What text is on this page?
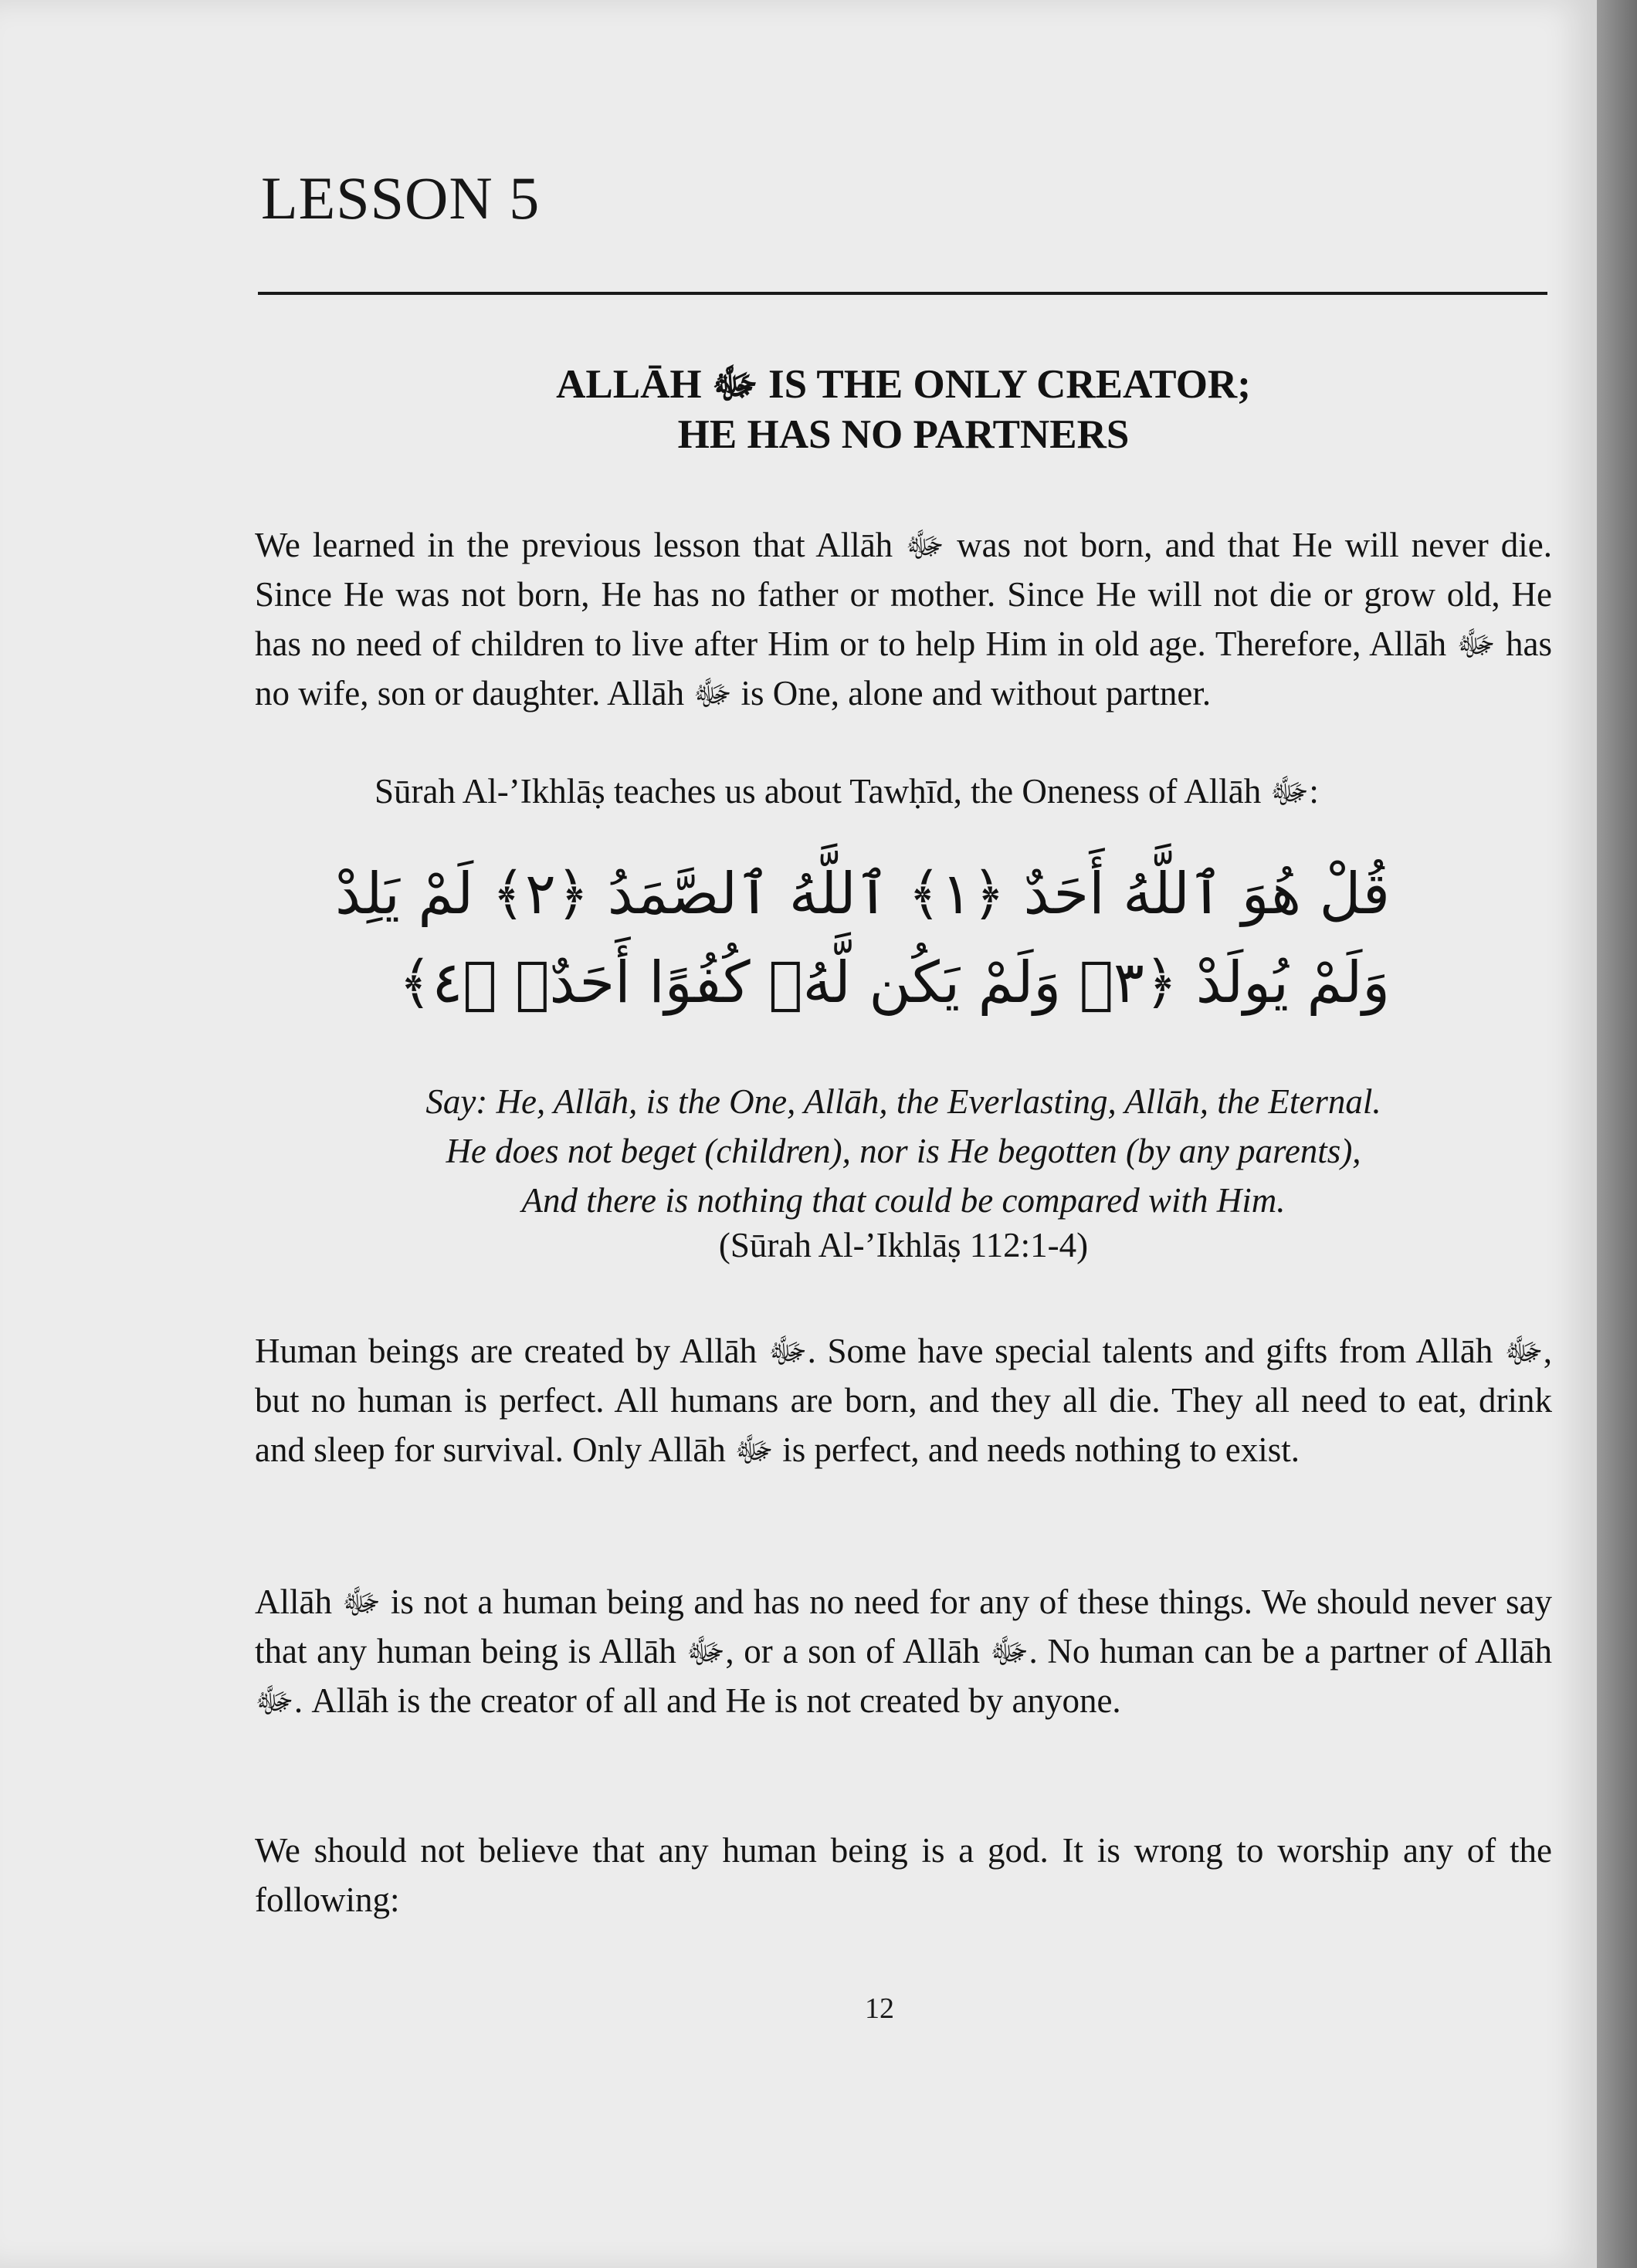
LESSON 5
ALLĀH ﷻ IS THE ONLY CREATOR;
HE HAS NO PARTNERS
We learned in the previous lesson that Allāh ﷻ was not born, and that He will never die. Since He was not born, He has no father or mother. Since He will not die or grow old, He has no need of children to live after Him or to help Him in old age. Therefore, Allāh ﷻ has no wife, son or daughter. Allāh ﷻ is One, alone and without partner.
Sūrah Al-’Ikhlāṣ teaches us about Tawḥīd, the Oneness of Allāh ﷻ:
قُلْ هُوَ ٱللَّهُ أَحَدٌ ﴿١﴾ ٱللَّهُ ٱلصَّمَدُ ﴿٢﴾ لَمْ يَلِدْ
وَلَمْ يُولَدْ ﴿٣﴾ وَلَمْ يَكُن لَّهُۥ كُفُوًا أَحَدٌۢ ﴿٤﴾
Say: He, Allāh, is the One, Allāh, the Everlasting, Allāh, the Eternal.
He does not beget (children), nor is He begotten (by any parents),
And there is nothing that could be compared with Him.
(Sūrah Al-’Ikhlāṣ 112:1-4)
Human beings are created by Allāh ﷻ. Some have special talents and gifts from Allāh ﷻ, but no human is perfect. All humans are born, and they all die. They all need to eat, drink and sleep for survival. Only Allāh ﷻ is perfect, and needs nothing to exist.
Allāh ﷻ is not a human being and has no need for any of these things. We should never say that any human being is Allāh ﷻ, or a son of Allāh ﷻ. No human can be a partner of Allāh ﷻ. Allāh is the creator of all and He is not created by anyone.
We should not believe that any human being is a god. It is wrong to worship any of the following:
12
